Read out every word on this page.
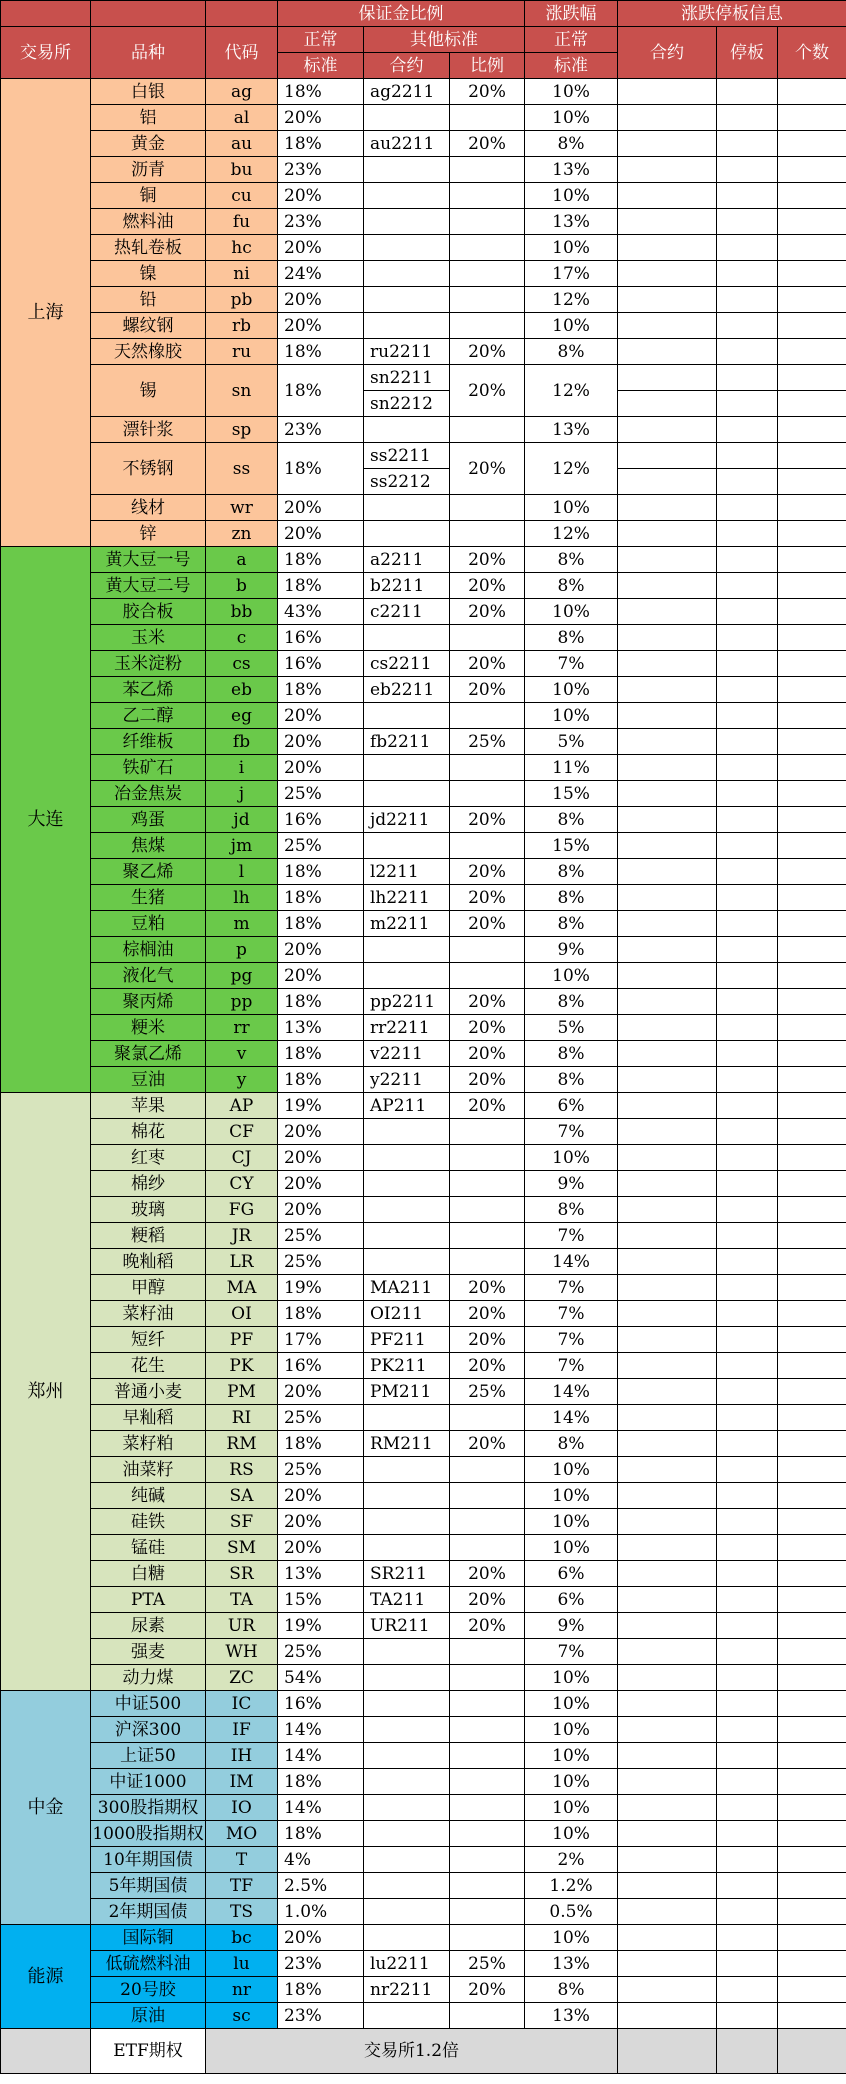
			保证金比例			涨跌幅	涨跌停板信息		
交易所	品种	代码	正常	其他标准		正常	合约	停板	个数
			标准	合约	比例	标准			
上海	白银	ag	18%	ag2211	20%	10%			
	铝	al	20%			10%			
	黄金	au	18%	au2211	20%	8%			
	沥青	bu	23%			13%			
	铜	cu	20%			10%			
	燃料油	fu	23%			13%			
	热轧卷板	hc	20%			10%			
	镍	ni	24%			17%			
	铅	pb	20%			12%			
	螺纹钢	rb	20%			10%			
	天然橡胶	ru	18%	ru2211	20%	8%			
	锡	sn	18%	sn2211	20%	12%			
				sn2212					
	漂针浆	sp	23%			13%			
	不锈钢	ss	18%	ss2211	20%	12%			
				ss2212					
	线材	wr	20%			10%			
	锌	zn	20%			12%			
大连	黄大豆一号	a	18%	a2211	20%	8%			
	黄大豆二号	b	18%	b2211	20%	8%			
	胶合板	bb	43%	c2211	20%	10%			
	玉米	c	16%			8%			
	玉米淀粉	cs	16%	cs2211	20%	7%			
	苯乙烯	eb	18%	eb2211	20%	10%			
	乙二醇	eg	20%			10%			
	纤维板	fb	20%	fb2211	25%	5%			
	铁矿石	i	20%			11%			
	冶金焦炭	j	25%			15%			
	鸡蛋	jd	16%	jd2211	20%	8%			
	焦煤	jm	25%			15%			
	聚乙烯	l	18%	l2211	20%	8%			
	生猪	lh	18%	lh2211	20%	8%			
	豆粕	m	18%	m2211	20%	8%			
	棕榈油	p	20%			9%			
	液化气	pg	20%			10%			
	聚丙烯	pp	18%	pp2211	20%	8%			
	粳米	rr	13%	rr2211	20%	5%			
	聚氯乙烯	v	18%	v2211	20%	8%			
	豆油	y	18%	y2211	20%	8%			
郑州	苹果	AP	19%	AP211	20%	6%			
	棉花	CF	20%			7%			
	红枣	CJ	20%			10%			
	棉纱	CY	20%			9%			
	玻璃	FG	20%			8%			
	粳稻	JR	25%			7%			
	晚籼稻	LR	25%			14%			
	甲醇	MA	19%	MA211	20%	7%			
	菜籽油	OI	18%	OI211	20%	7%			
	短纤	PF	17%	PF211	20%	7%			
	花生	PK	16%	PK211	20%	7%			
	普通小麦	PM	20%	PM211	25%	14%			
	早籼稻	RI	25%			14%			
	菜籽粕	RM	18%	RM211	20%	8%			
	油菜籽	RS	25%			10%			
	纯碱	SA	20%			10%			
	硅铁	SF	20%			10%			
	锰硅	SM	20%			10%			
	白糖	SR	13%	SR211	20%	6%			
	PTA	TA	15%	TA211	20%	6%			
	尿素	UR	19%	UR211	20%	9%			
	强麦	WH	25%			7%			
	动力煤	ZC	54%			10%			
中金	中证500	IC	16%			10%			
	沪深300	IF	14%			10%			
	上证50	IH	14%			10%			
	中证1000	IM	18%			10%			
	300股指期权	IO	14%			10%			
	1000股指期权	MO	18%			10%			
	10年期国债	T	4%			2%			
	5年期国债	TF	2.5%			1.2%			
	2年期国债	TS	1.0%			0.5%			
能源	国际铜	bc	20%			10%			
	低硫燃料油	lu	23%	lu2211	25%	13%			
	20号胶	nr	18%	nr2211	20%	8%			
	原油	sc	23%			13%			
	ETF期权	交易所1.2倍							
